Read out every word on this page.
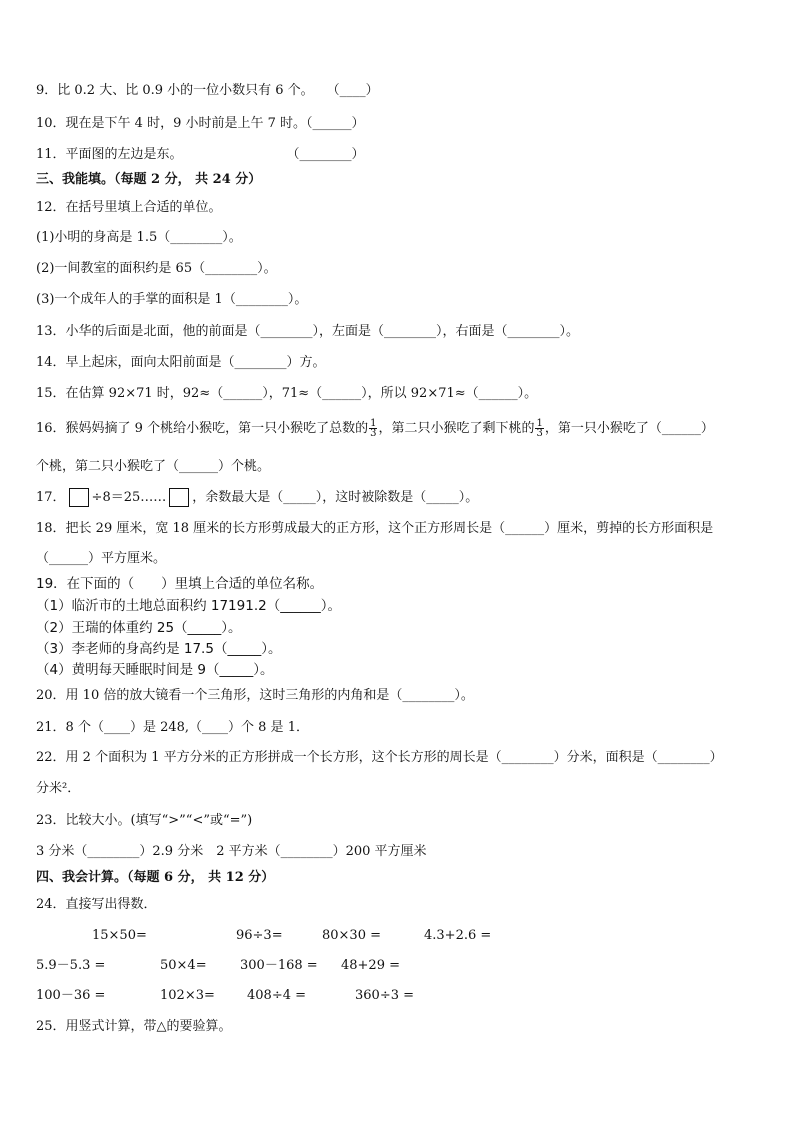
9．比 0.2 大、比 0.9 小的一位小数只有 6 个。　　（____）
10．现在是下午 4 时，9 小时前是上午 7 时。（______）
11．平面图的左边是东。　　　　　　　　　（________）
三、我能填。（每题 2 分， 共 24 分）
12．在括号里填上合适的单位。
(1)小明的身高是 1.5（________）。
(2)一间教室的面积约是 65（________）。
(3)一个成年人的手掌的面积是 1（________）。
13．小华的后面是北面，他的前面是（________），左面是（________），右面是（________）。
14．早上起床，面向太阳前面是（________）方。
15．在估算 92×71 时，92≈（______），71≈（______），所以 92×71≈（______）。
16．猴妈妈摘了 9 个桃给小猴吃，第一只小猴吃了总数的 $\frac{1}{3}$ ，第二只小猴吃了剩下桃的 $\frac{1}{3}$ ，第一只小猴吃了（______）
个桃，第二只小猴吃了（______）个桃。
17． ÷8＝25…… ，余数最大是（_____），这时被除数是（_____）。
18．把长 29 厘米，宽 18 厘米的长方形剪成最大的正方形，这个正方形周长是（______）厘米，剪掉的长方形面积是
（______）平方厘米。
19．在下面的（　　）里填上合适的单位名称。
（1）临沂市的土地总面积约 17191.2（______）。
（2）王瑞的体重约 25（_____）。
（3）李老师的身高约是 17.5（_____）。
（4）黄明每天睡眠时间是 9（_____）。
20．用 10 倍的放大镜看一个三角形，这时三角形的内角和是（________）。
21．8 个（____）是 248,（____）个 8 是 1．
22．用 2 个面积为 1 平方分米的正方形拼成一个长方形，这个长方形的周长是（________）分米，面积是（________）
分米²．
23．比较大小。(填写“>”“<”或“=”)
3 分米（________）2.9 分米　2 平方米（________）200 平方厘米
四、我会计算。（每题 6 分， 共 12 分）
24．直接写出得数．
15×50=	96÷3=	80×30 =	4.3+2.6 =
5.9－5.3 =	50×4=	300－168 = 48+29 =
100－36 =	102×3= 408÷4 =	360÷3 =
25．用竖式计算，带△的要验算。
